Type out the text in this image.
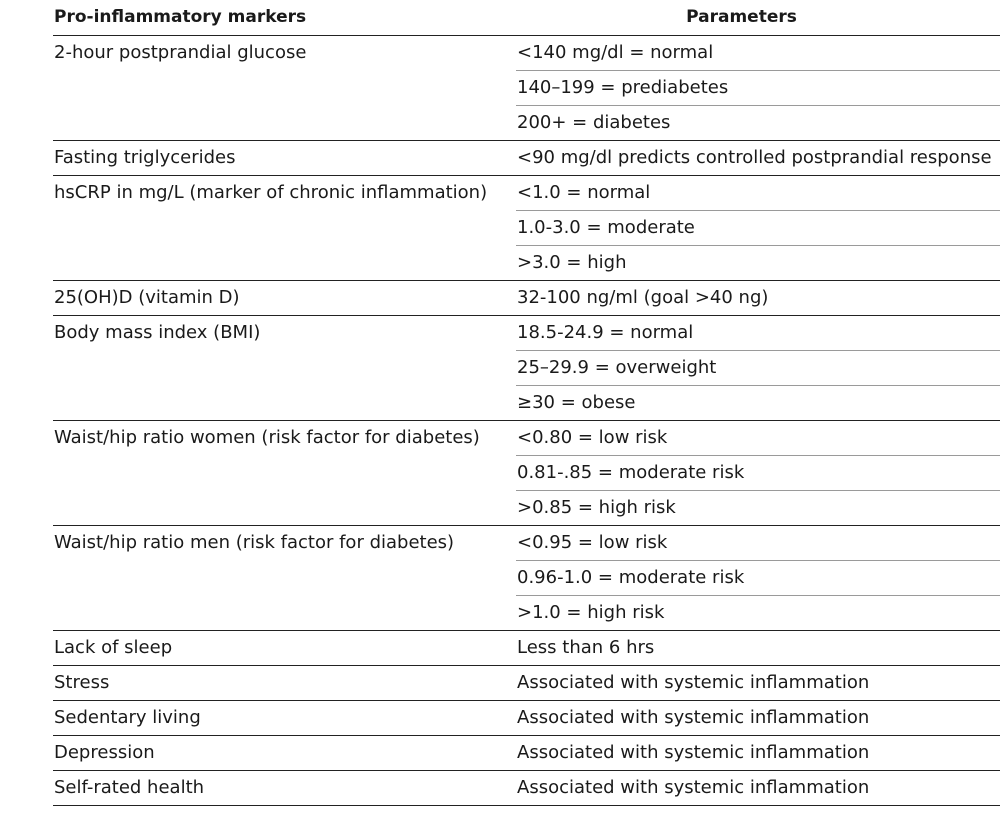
Pro-inflammatory markers	Parameters
2-hour postprandial glucose	<140 mg/dl = normal
140–199 = prediabetes
200+ = diabetes
Fasting triglycerides	<90 mg/dl predicts controlled postprandial response
hsCRP in mg/L (marker of chronic inflammation)	<1.0 = normal
1.0-3.0 = moderate
>3.0 = high
25(OH)D (vitamin D)	32-100 ng/ml (goal >40 ng)
Body mass index (BMI)	18.5-24.9 = normal
25–29.9 = overweight
≥30 = obese
Waist/hip ratio women (risk factor for diabetes)	<0.80 = low risk
0.81-.85 = moderate risk
>0.85 = high risk
Waist/hip ratio men (risk factor for diabetes)	<0.95 = low risk
0.96-1.0 = moderate risk
>1.0 = high risk
Lack of sleep	Less than 6 hrs
Stress	Associated with systemic inflammation
Sedentary living	Associated with systemic inflammation
Depression	Associated with systemic inflammation
Self-rated health	Associated with systemic inflammation
